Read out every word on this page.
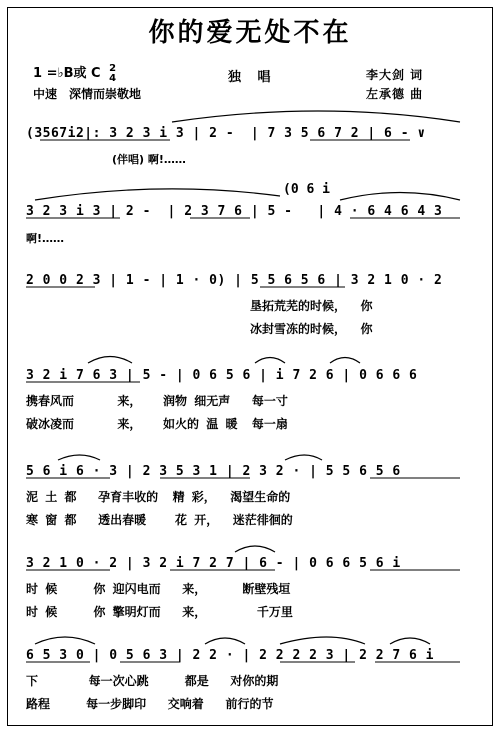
你的爱无处不在
1 =♭B或 C 2
4
中速　深情而崇敬地
独 唱	李大剑 词
左承德 曲
(3567i2|: 3 2 3 i 3 | 2 -  | 7 3 5 6 7 2 | 6 - ∨
(伴唱) 啊!……
(0 6 i
3 2 3 i 3 | 2 -  | 2 3 7 6 | 5 -   | 4 · 6 4 6 4 3
啊!……
2 0 0 2 3 | 1 - | 1 · 0) | 5 5 6 5 6 | 3 2 1 0 · 2
垦拓荒芜的时候，  你
冰封雪冻的时候，  你
3 2 i 7 6 3 | 5 - | 0 6 5 6 | i 7 2 6 | 0 6 6 6
携春风而      来，   润物 细无声   每一寸
破冰凌而      来，   如火的 温 暖  每一扇
5 6 i 6 · 3 | 2 3 5 3 1 | 2 3 2 · | 5 5 6 5 6
泥 土 都   孕育丰收的  精 彩，  渴望生命的
寒 窗 都   透出春暖    花 开，  迷茫徘徊的
3 2 1 0 · 2 | 3 2 i 7 2 7 | 6 - | 0 6 6 5 6 i
时 候     你 迎闪电而   来，     断壁残垣
时 候     你 擎明灯而   来，       千万里
6 5 3 0 | 0 5 6 3 | 2 2 · | 2 2 2 2 3 | 2 2 7 6 i
下       每一次心跳     都是   对你的期
路程     每一步脚印   交响着   前行的节
